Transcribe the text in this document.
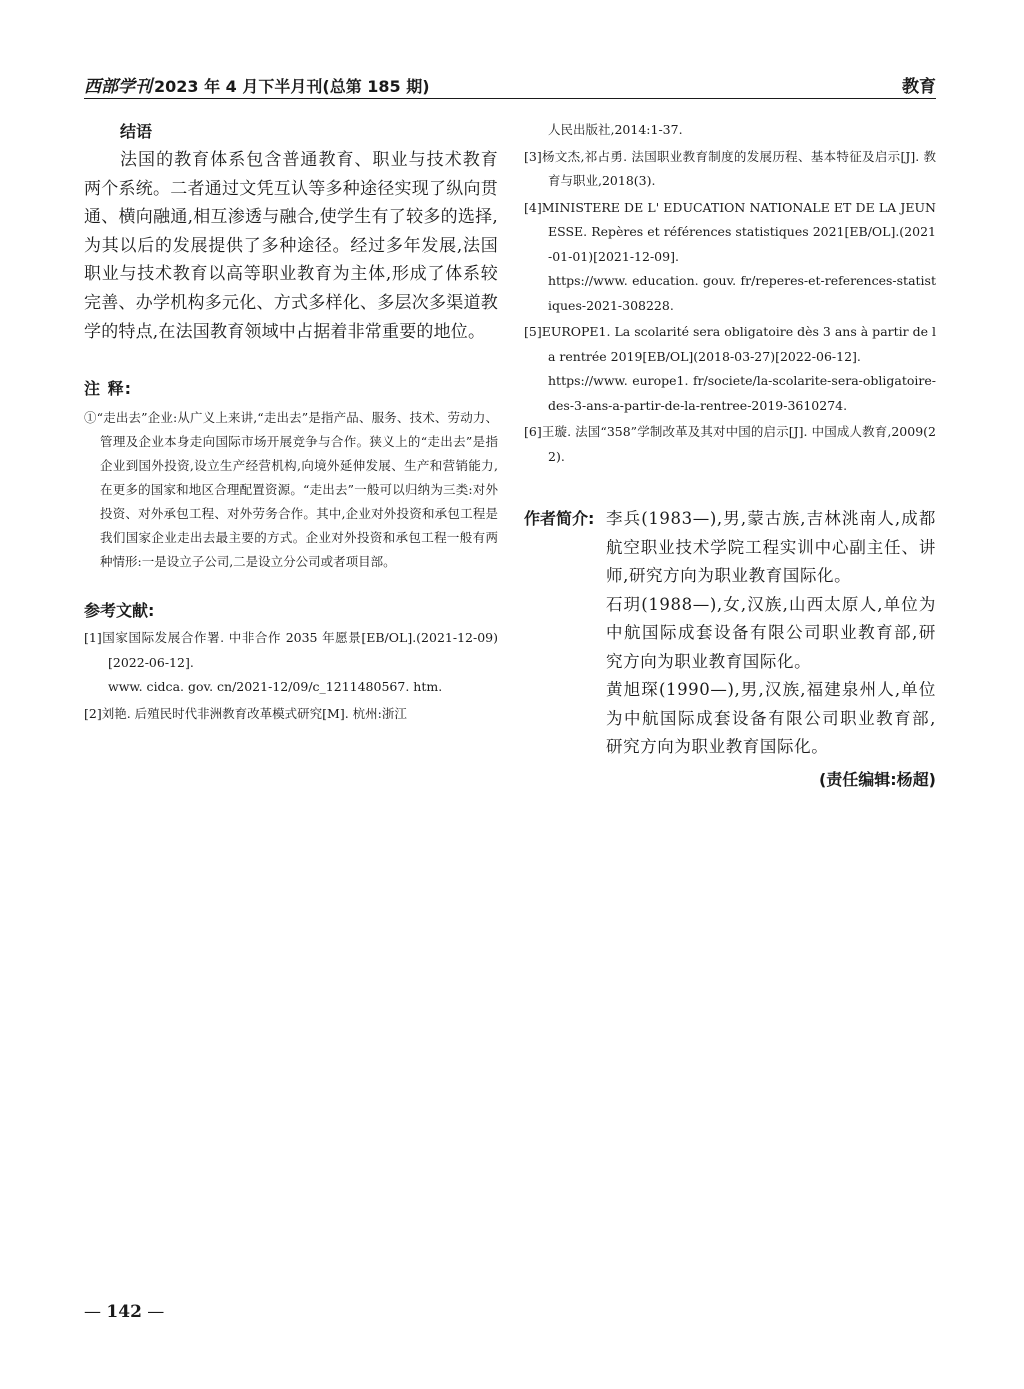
西部学刊 2023 年 4 月下半月刊(总第 185 期)	教育
结语

法国的教育体系包含普通教育、职业与技术教育两个系统。二者通过文凭互认等多种途径实现了纵向贯通、横向融通,相互渗透与融合,使学生有了较多的选择,为其以后的发展提供了多种途径。经过多年发展,法国职业与技术教育以高等职业教育为主体,形成了体系较完善、办学机构多元化、方式多样化、多层次多渠道教学的特点,在法国教育领域中占据着非常重要的地位。

注 释:

①“走出去”企业:从广义上来讲,“走出去”是指产品、服务、技术、劳动力、管理及企业本身走向国际市场开展竞争与合作。狭义上的“走出去”是指企业到国外投资,设立生产经营机构,向境外延伸发展、生产和营销能力,在更多的国家和地区合理配置资源。“走出去”一般可以归纳为三类:对外投资、对外承包工程、对外劳务合作。其中,企业对外投资和承包工程是我们国家企业走出去最主要的方式。企业对外投资和承包工程一般有两种情形:一是设立子公司,二是设立分公司或者项目部。

参考文献:

[1]国家国际发展合作署. 中非合作 2035 年愿景[EB/OL].(2021-12-09)[2022-06-12].
www. cidca. gov. cn/2021-12/09/c_1211480567. htm.

[2]刘艳. 后殖民时代非洲教育改革模式研究[M]. 杭州:浙江

人民出版社,2014:1-37.

[3]杨文杰,祁占勇. 法国职业教育制度的发展历程、基本特征及启示[J]. 教育与职业,2018(3).

[4]MINISTERE DE L' EDUCATION NATIONALE ET DE LA JEUNESSE. Repères et références statistiques 2021[EB/OL].(2021-01-01)[2021-12-09].
https://www. education. gouv. fr/reperes-et-references-statistiques-2021-308228.

[5]EUROPE1. La scolarité sera obligatoire dès 3 ans à partir de la rentrée 2019[EB/OL](2018-03-27)[2022-06-12].
https://www. europe1. fr/societe/la-scolarite-sera-obligatoire-des-3-ans-a-partir-de-la-rentree-2019-3610274.

[6]王璇. 法国“358”学制改革及其对中国的启示[J]. 中国成人教育,2009(22).

作者简介: 李兵(1983—),男,蒙古族,吉林洮南人,成都航空职业技术学院工程实训中心副主任、讲师,研究方向为职业教育国际化。

石玥(1988—),女,汉族,山西太原人,单位为中航国际成套设备有限公司职业教育部,研究方向为职业教育国际化。

黄旭琛(1990—),男,汉族,福建泉州人,单位为中航国际成套设备有限公司职业教育部,研究方向为职业教育国际化。

(责任编辑:杨超)
— 142 —
